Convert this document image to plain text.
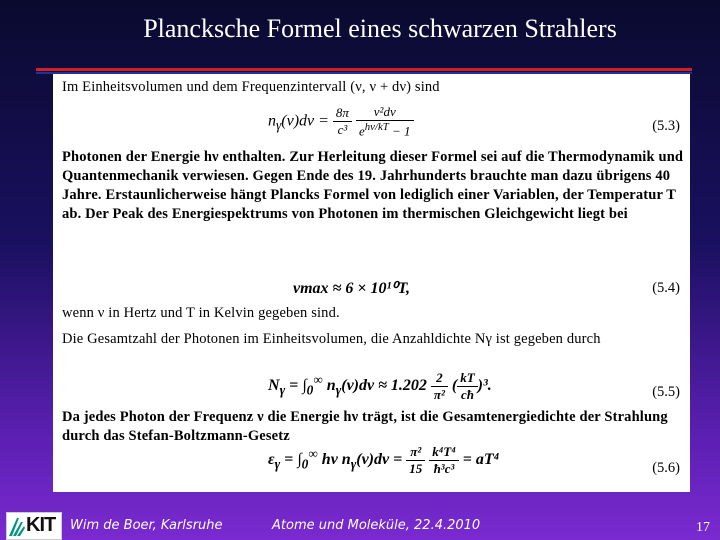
Plancksche Formel eines schwarzen Strahlers
Im Einheitsvolumen und dem Frequenzintervall (ν, ν + dν) sind
$n_\gamma(\nu)d\nu = \frac{8\pi}{\text{c³}}$
$\frac{\text{ν²dν}}{e^{h\nu/kT} - 1}$	(5.3)
Photonen der Energie hν enthalten. Zur Herleitung dieser Formel sei auf die Thermodynamik und Quantenmechanik verwiesen. Gegen Ende des 19. Jahrhunderts brauchte man dazu übrigens 40 Jahre. Erstaunlicherweise hängt Plancks Formel von lediglich einer Variablen, der Temperatur T ab. Der Peak des Energiespektrums von Photonen im thermischen Gleichgewicht liegt bei
νmax ≈ 6 × 10¹⁰T,	(5.4)
wenn ν in Hertz und T in Kelvin gegeben sind.
Die Gesamtzahl der Photonen im Einheitsvolumen, die Anzahldichte Nγ ist gegeben durch
$N_\gamma = \int_0^\infty$ $n_\gamma(\nu)d\nu \approx 1.202 \frac{2}{\text{π²}}$ ( $\frac{kT}{cħ} )^3$.	(5.5)
Da jedes Photon der Frequenz ν die Energie hν trägt, ist die Gesamtenergiedichte der Strahlung durch das Stefan-Boltzmann-Gesetz
$\varepsilon_\gamma = \int_0^\infty$ hν $n_\gamma(\nu)d\nu = \frac{\text{π²}}{15}$
$\frac{\text{k⁴T⁴}}{\text{ħ³c³}} = aT^4$	(5.6)
KIT Wim de Boer, Karlsruhe	Atome und Moleküle, 22.4.2010	17
